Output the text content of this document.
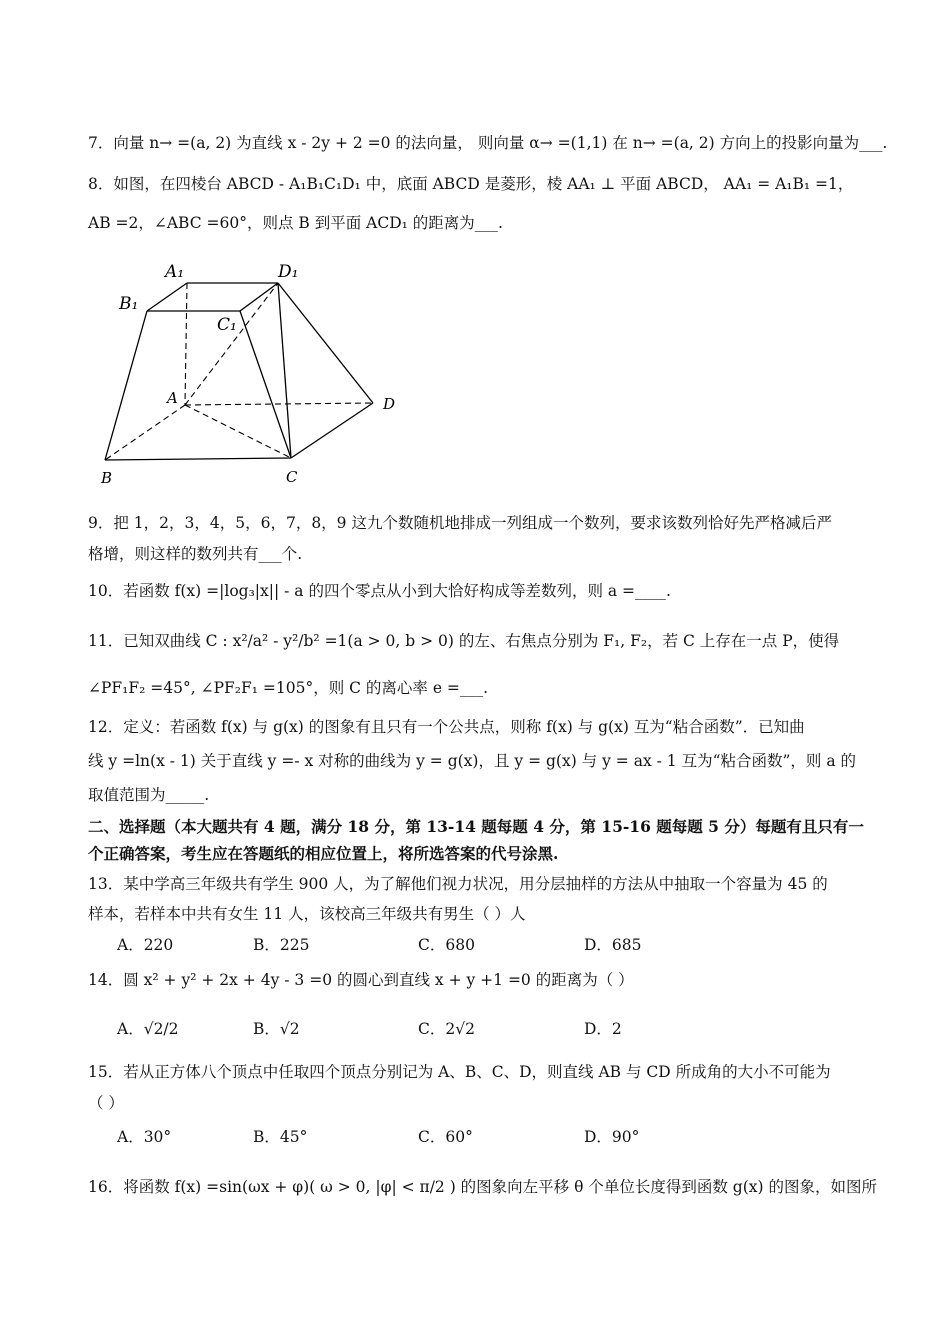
7．向量 n→ =(a, 2) 为直线 x - 2y + 2 =0 的法向量， 则向量 α→ =(1,1) 在 n→ =(a, 2) 方向上的投影向量为___.
8．如图，在四棱台 ABCD - A₁B₁C₁D₁ 中，底面 ABCD 是菱形，棱 AA₁ ⊥ 平面 ABCD， AA₁ = A₁B₁ =1，
AB =2，∠ABC =60°，则点 B 到平面 ACD₁ 的距离为___.
A₁	D₁
B₁
C₁
A	D
B	C
9．把 1，2，3，4，5，6，7，8，9 这九个数随机地排成一列组成一个数列，要求该数列恰好先严格减后严
格增，则这样的数列共有___个.
10．若函数 f(x) =|log₃|x|| - a 的四个零点从小到大恰好构成等差数列，则 a =____.
11．已知双曲线 C : x²/a² - y²/b² =1(a > 0, b > 0) 的左、右焦点分别为 F₁, F₂，若 C 上存在一点 P，使得
∠PF₁F₂ =45°, ∠PF₂F₁ =105°，则 C 的离心率 e =___.
12．定义：若函数 f(x) 与 g(x) 的图象有且只有一个公共点，则称 f(x) 与 g(x) 互为“粘合函数”．已知曲
线 y =ln(x - 1) 关于直线 y =- x 对称的曲线为 y = g(x)，且 y = g(x) 与 y = ax - 1 互为“粘合函数”，则 a 的
取值范围为_____.
二、选择题（本大题共有 4 题，满分 18 分，第 13-14 题每题 4 分，第 15-16 题每题 5 分）每题有且只有一
个正确答案，考生应在答题纸的相应位置上，将所选答案的代号涂黑.
13．某中学高三年级共有学生 900 人，为了解他们视力状况，用分层抽样的方法从中抽取一个容量为 45 的
样本，若样本中共有女生 11 人，该校高三年级共有男生（ ）人
A．220	B．225	C．680	D．685
14．圆 x² + y² + 2x + 4y - 3 =0 的圆心到直线 x + y +1 =0 的距离为（ ）
A．√2/2	B．√2	C．2√2	D．2
15．若从正方体八个顶点中任取四个顶点分别记为 A、B、C、D，则直线 AB 与 CD 所成角的大小不可能为
（ ）
A．30°	B．45°	C．60°	D．90°
16．将函数 f(x) =sin(ωx + φ)( ω > 0, |φ| < π/2 ) 的图象向左平移 θ 个单位长度得到函数 g(x) 的图象，如图所
